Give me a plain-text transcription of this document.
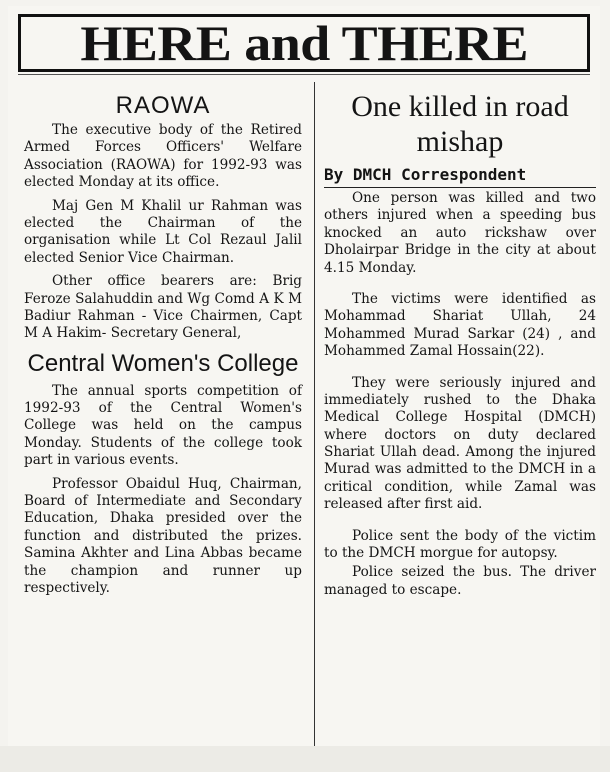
HERE and THERE
RAOWA

The executive body of the Retired Armed Forces Officers' Welfare Association (RAOWA) for 1992-93 was elected Monday at its office.

Maj Gen M Khalil ur Rahman was elected the Chairman of the organisation while Lt Col Rezaul Jalil elected Senior Vice Chairman.

Other office bearers are: Brig Feroze Salahuddin and Wg Comd A K M Badiur Rahman - Vice Chairmen, Capt M A Hakim- Secretary General,

Central Women's College

The annual sports competition of 1992-93 of the Central Women's College was held on the campus Monday. Students of the college took part in various events.

Professor Obaidul Huq, Chairman, Board of Intermediate and Secondary Education, Dhaka presided over the function and distributed the prizes. Samina Akhter and Lina Abbas became the champion and runner up respectively.

One killed in road mishap
By DMCH Correspondent

One person was killed and two others injured when a speeding bus knocked an auto rickshaw over Dholairpar Bridge in the city at about 4.15 Monday.

The victims were identified as Mohammad Shariat Ullah, 24 Mohammed Murad Sarkar (24) , and Mohammed Zamal Hossain(22).

They were seriously injured and immediately rushed to the Dhaka Medical College Hospital (DMCH) where doctors on duty declared Shariat Ullah dead. Among the injured Murad was admitted to the DMCH in a critical condition, while Zamal was released after first aid.

Police sent the body of the victim to the DMCH morgue for autopsy.

Police seized the bus. The driver managed to escape.
